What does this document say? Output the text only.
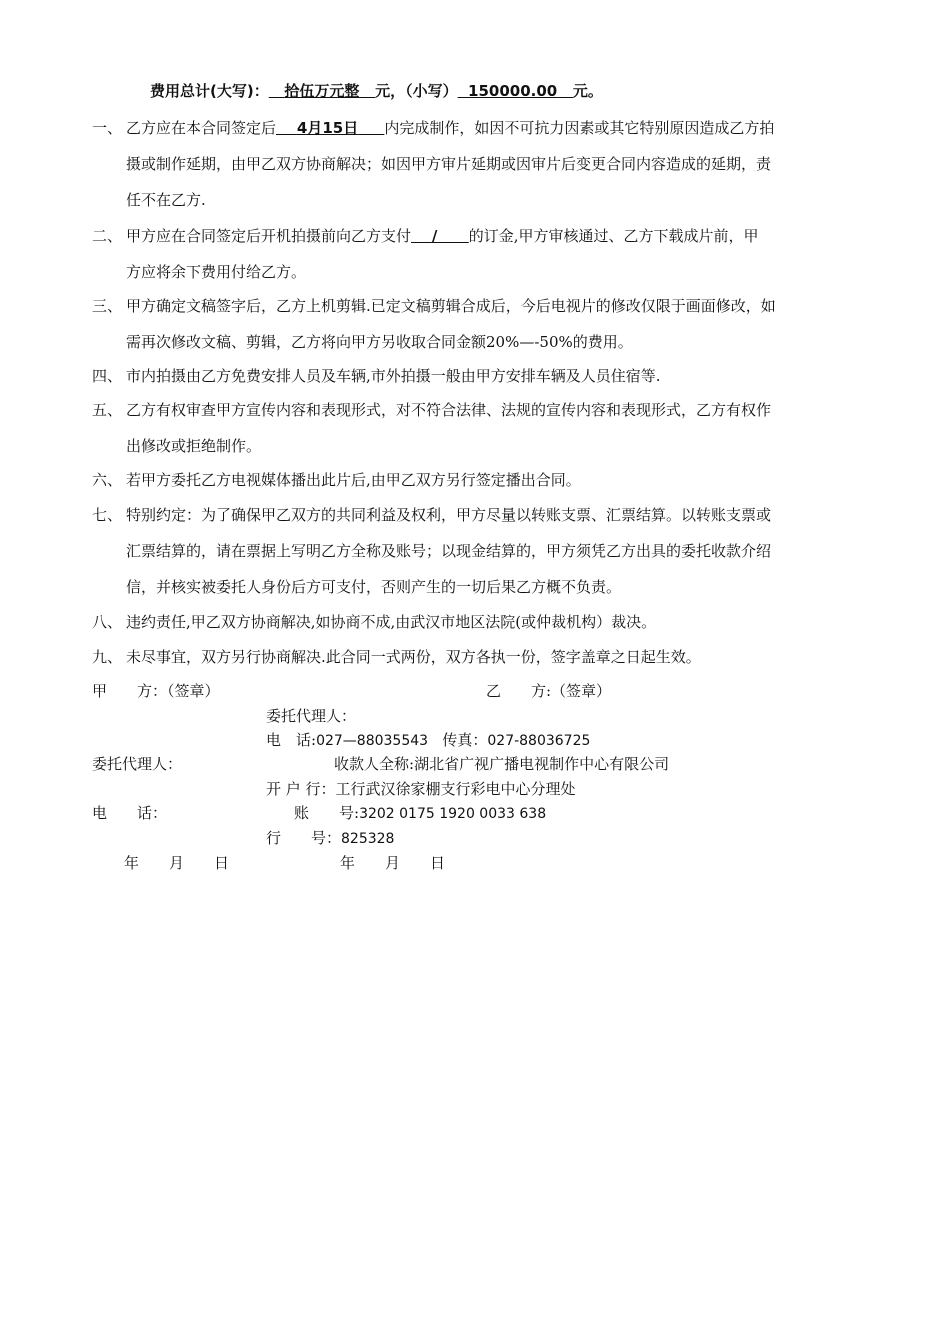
费用总计(大写)： 拾伍万元整 元，（小写） 150000.00 元。
一、 乙方应在本合同签定后 4月15日 内完成制作，如因不可抗力因素或其它特别原因造成乙方拍
摄或制作延期，由甲乙双方协商解决；如因甲方审片延期或因审片后变更合同内容造成的延期，责
任不在乙方.
二、 甲方应在合同签定后开机拍摄前向乙方支付 / 的订金,甲方审核通过、乙方下载成片前，甲
方应将余下费用付给乙方。
三、 甲方确定文稿签字后，乙方上机剪辑.已定文稿剪辑合成后，今后电视片的修改仅限于画面修改，如
需再次修改文稿、剪辑，乙方将向甲方另收取合同金额20%—-50%的费用。
四、 市内拍摄由乙方免费安排人员及车辆,市外拍摄一般由甲方安排车辆及人员住宿等.
五、 乙方有权审查甲方宣传内容和表现形式，对不符合法律、法规的宣传内容和表现形式，乙方有权作
出修改或拒绝制作。
六、 若甲方委托乙方电视媒体播出此片后,由甲乙双方另行签定播出合同。
七、 特别约定：为了确保甲乙双方的共同利益及权利，甲方尽量以转账支票、汇票结算。以转账支票或
汇票结算的，请在票据上写明乙方全称及账号；以现金结算的，甲方须凭乙方出具的委托收款介绍
信，并核实被委托人身份后方可支付，否则产生的一切后果乙方概不负责。
八、 违约责任,甲乙双方协商解决,如协商不成,由武汉市地区法院(或仲裁机构）裁决。
九、 未尽事宜，双方另行协商解决.此合同一式两份，双方各执一份，签字盖章之日起生效。
甲　　方：（签章）	乙　　方:（签章）
委托代理人：
电　话:027—88035543 传真：027-88036725
委托代理人：	收款人全称:湖北省广视广播电视制作中心有限公司
开 户 行：工行武汉徐家棚支行彩电中心分理处
电　　话：	账　　号:3202 0175 1920 0033 638
行　　号：825328
年　　月　　日	年　　月　　日
